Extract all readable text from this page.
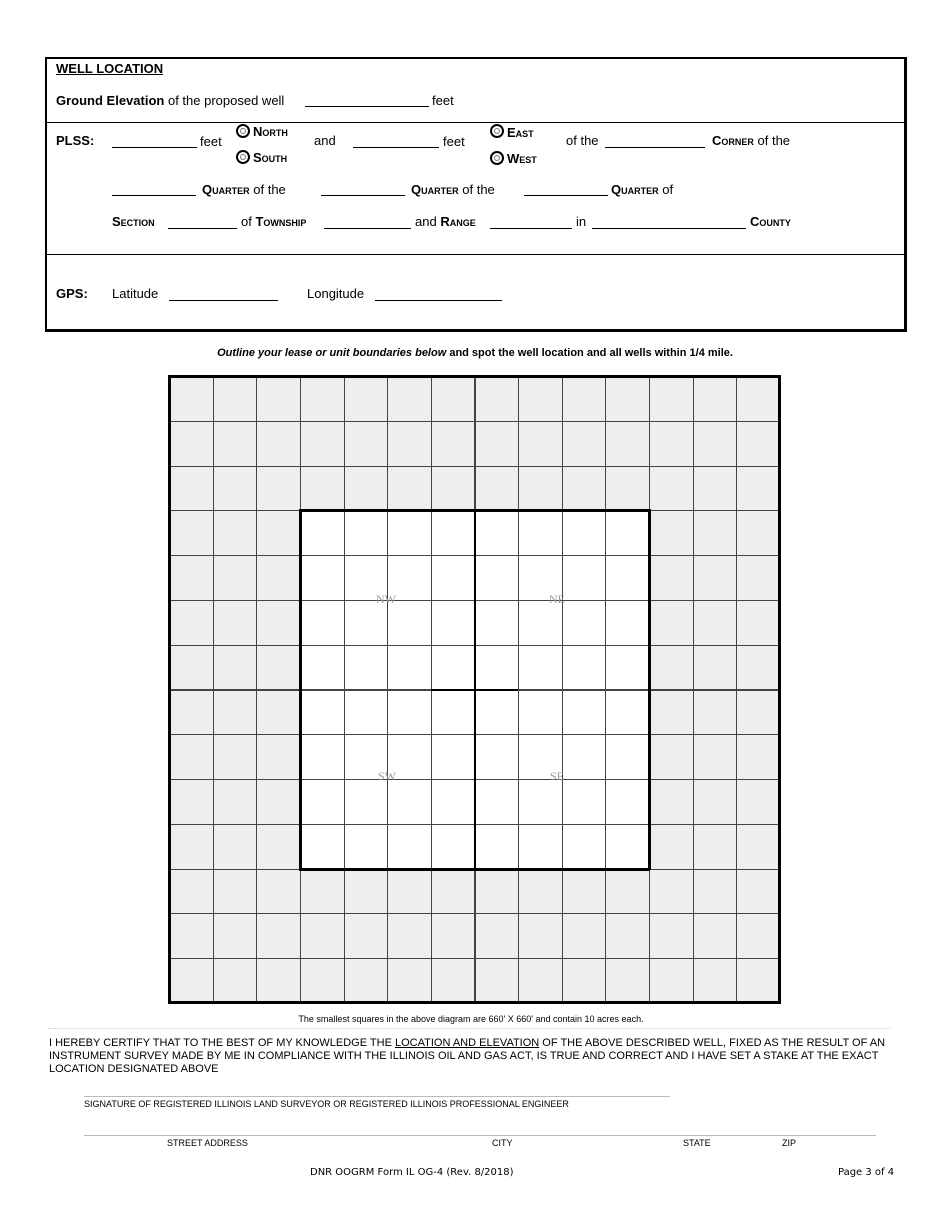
WELL LOCATION
Ground Elevation of the proposed well	feet
PLSS:	feet
North
South
and	feet
East
West
of the	Corner of the
Quarter of the	Quarter of the	Quarter of
Section	of Township	and Range	in	County
GPS: Latitude	Longitude
Outline your lease or unit boundaries below and spot the well location and all wells within 1/4 mile.
NW	NE
SW	SE
The smallest squares in the above diagram are 660' X 660' and contain 10 acres each.
I HEREBY CERTIFY THAT TO THE BEST OF MY KNOWLEDGE THE LOCATION AND ELEVATION OF THE ABOVE DESCRIBED WELL, FIXED AS THE RESULT OF AN INSTRUMENT SURVEY MADE BY ME IN COMPLIANCE WITH THE ILLINOIS OIL AND GAS ACT, IS TRUE AND CORRECT AND I HAVE SET A STAKE AT THE EXACT LOCATION DESIGNATED ABOVE
SIGNATURE OF REGISTERED ILLINOIS LAND SURVEYOR OR REGISTERED ILLINOIS PROFESSIONAL ENGINEER
STREET ADDRESS	CITY	STATE	ZIP
DNR OOGRM Form IL OG-4 (Rev. 8/2018)	Page 3 of 4
